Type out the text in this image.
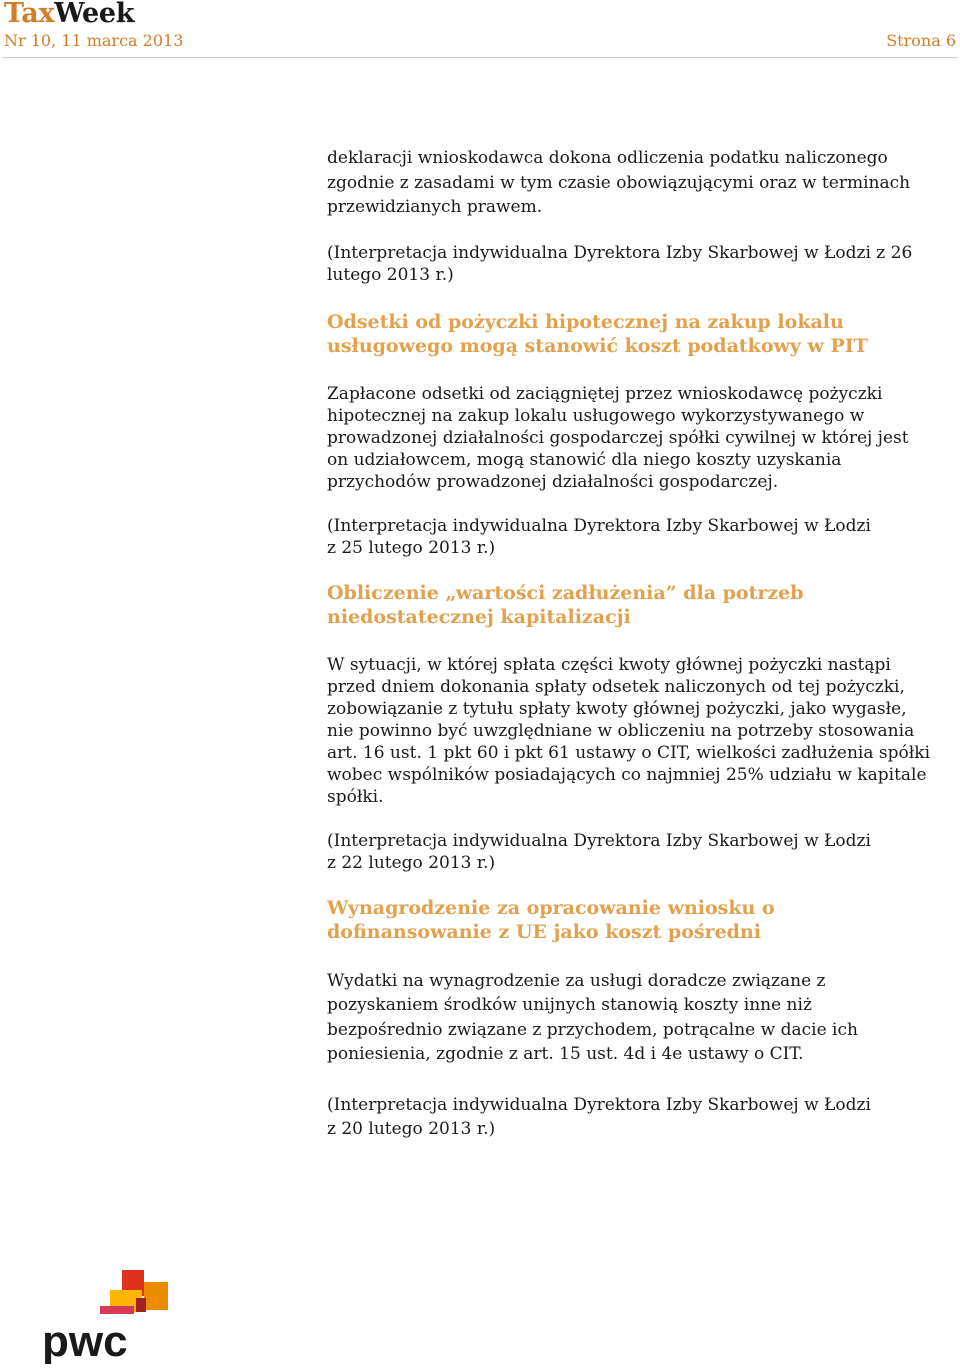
TaxWeek
Nr 10, 11 marca 2013	Strona 6

deklaracji wnioskodawca dokona odliczenia podatku naliczonego zgodnie z zasadami w tym czasie obowiązującymi oraz w terminach przewidzianych prawem.

(Interpretacja indywidualna Dyrektora Izby Skarbowej w Łodzi z 26 lutego 2013 r.)

Odsetki od pożyczki hipotecznej na zakup lokalu usługowego mogą stanowić koszt podatkowy w PIT

Zapłacone odsetki od zaciągniętej przez wnioskodawcę pożyczki hipotecznej na zakup lokalu usługowego wykorzystywanego w prowadzonej działalności gospodarczej spółki cywilnej w której jest on udziałowcem, mogą stanowić dla niego koszty uzyskania przychodów prowadzonej działalności gospodarczej.

(Interpretacja indywidualna Dyrektora Izby Skarbowej w Łodzi

z 25 lutego 2013 r.)

Obliczenie „wartości zadłużenia” dla potrzeb niedostatecznej kapitalizacji

W sytuacji, w której spłata części kwoty głównej pożyczki nastąpi przed dniem dokonania spłaty odsetek naliczonych od tej pożyczki, zobowiązanie z tytułu spłaty kwoty głównej pożyczki, jako wygasłe, nie powinno być uwzględniane w obliczeniu na potrzeby stosowania art. 16 ust. 1 pkt 60 i pkt 61 ustawy o CIT, wielkości zadłużenia spółki wobec wspólników posiadających co najmniej 25% udziału w kapitale spółki.

(Interpretacja indywidualna Dyrektora Izby Skarbowej w Łodzi

z 22 lutego 2013 r.)

Wynagrodzenie za opracowanie wniosku o dofinansowanie z UE jako koszt pośredni

Wydatki na wynagrodzenie za usługi doradcze związane z pozyskaniem środków unijnych stanowią koszty inne niż bezpośrednio związane z przychodem, potrącalne w dacie ich poniesienia, zgodnie z art. 15 ust. 4d i 4e ustawy o CIT.

(Interpretacja indywidualna Dyrektora Izby Skarbowej w Łodzi

z 20 lutego 2013 r.)

pwc
